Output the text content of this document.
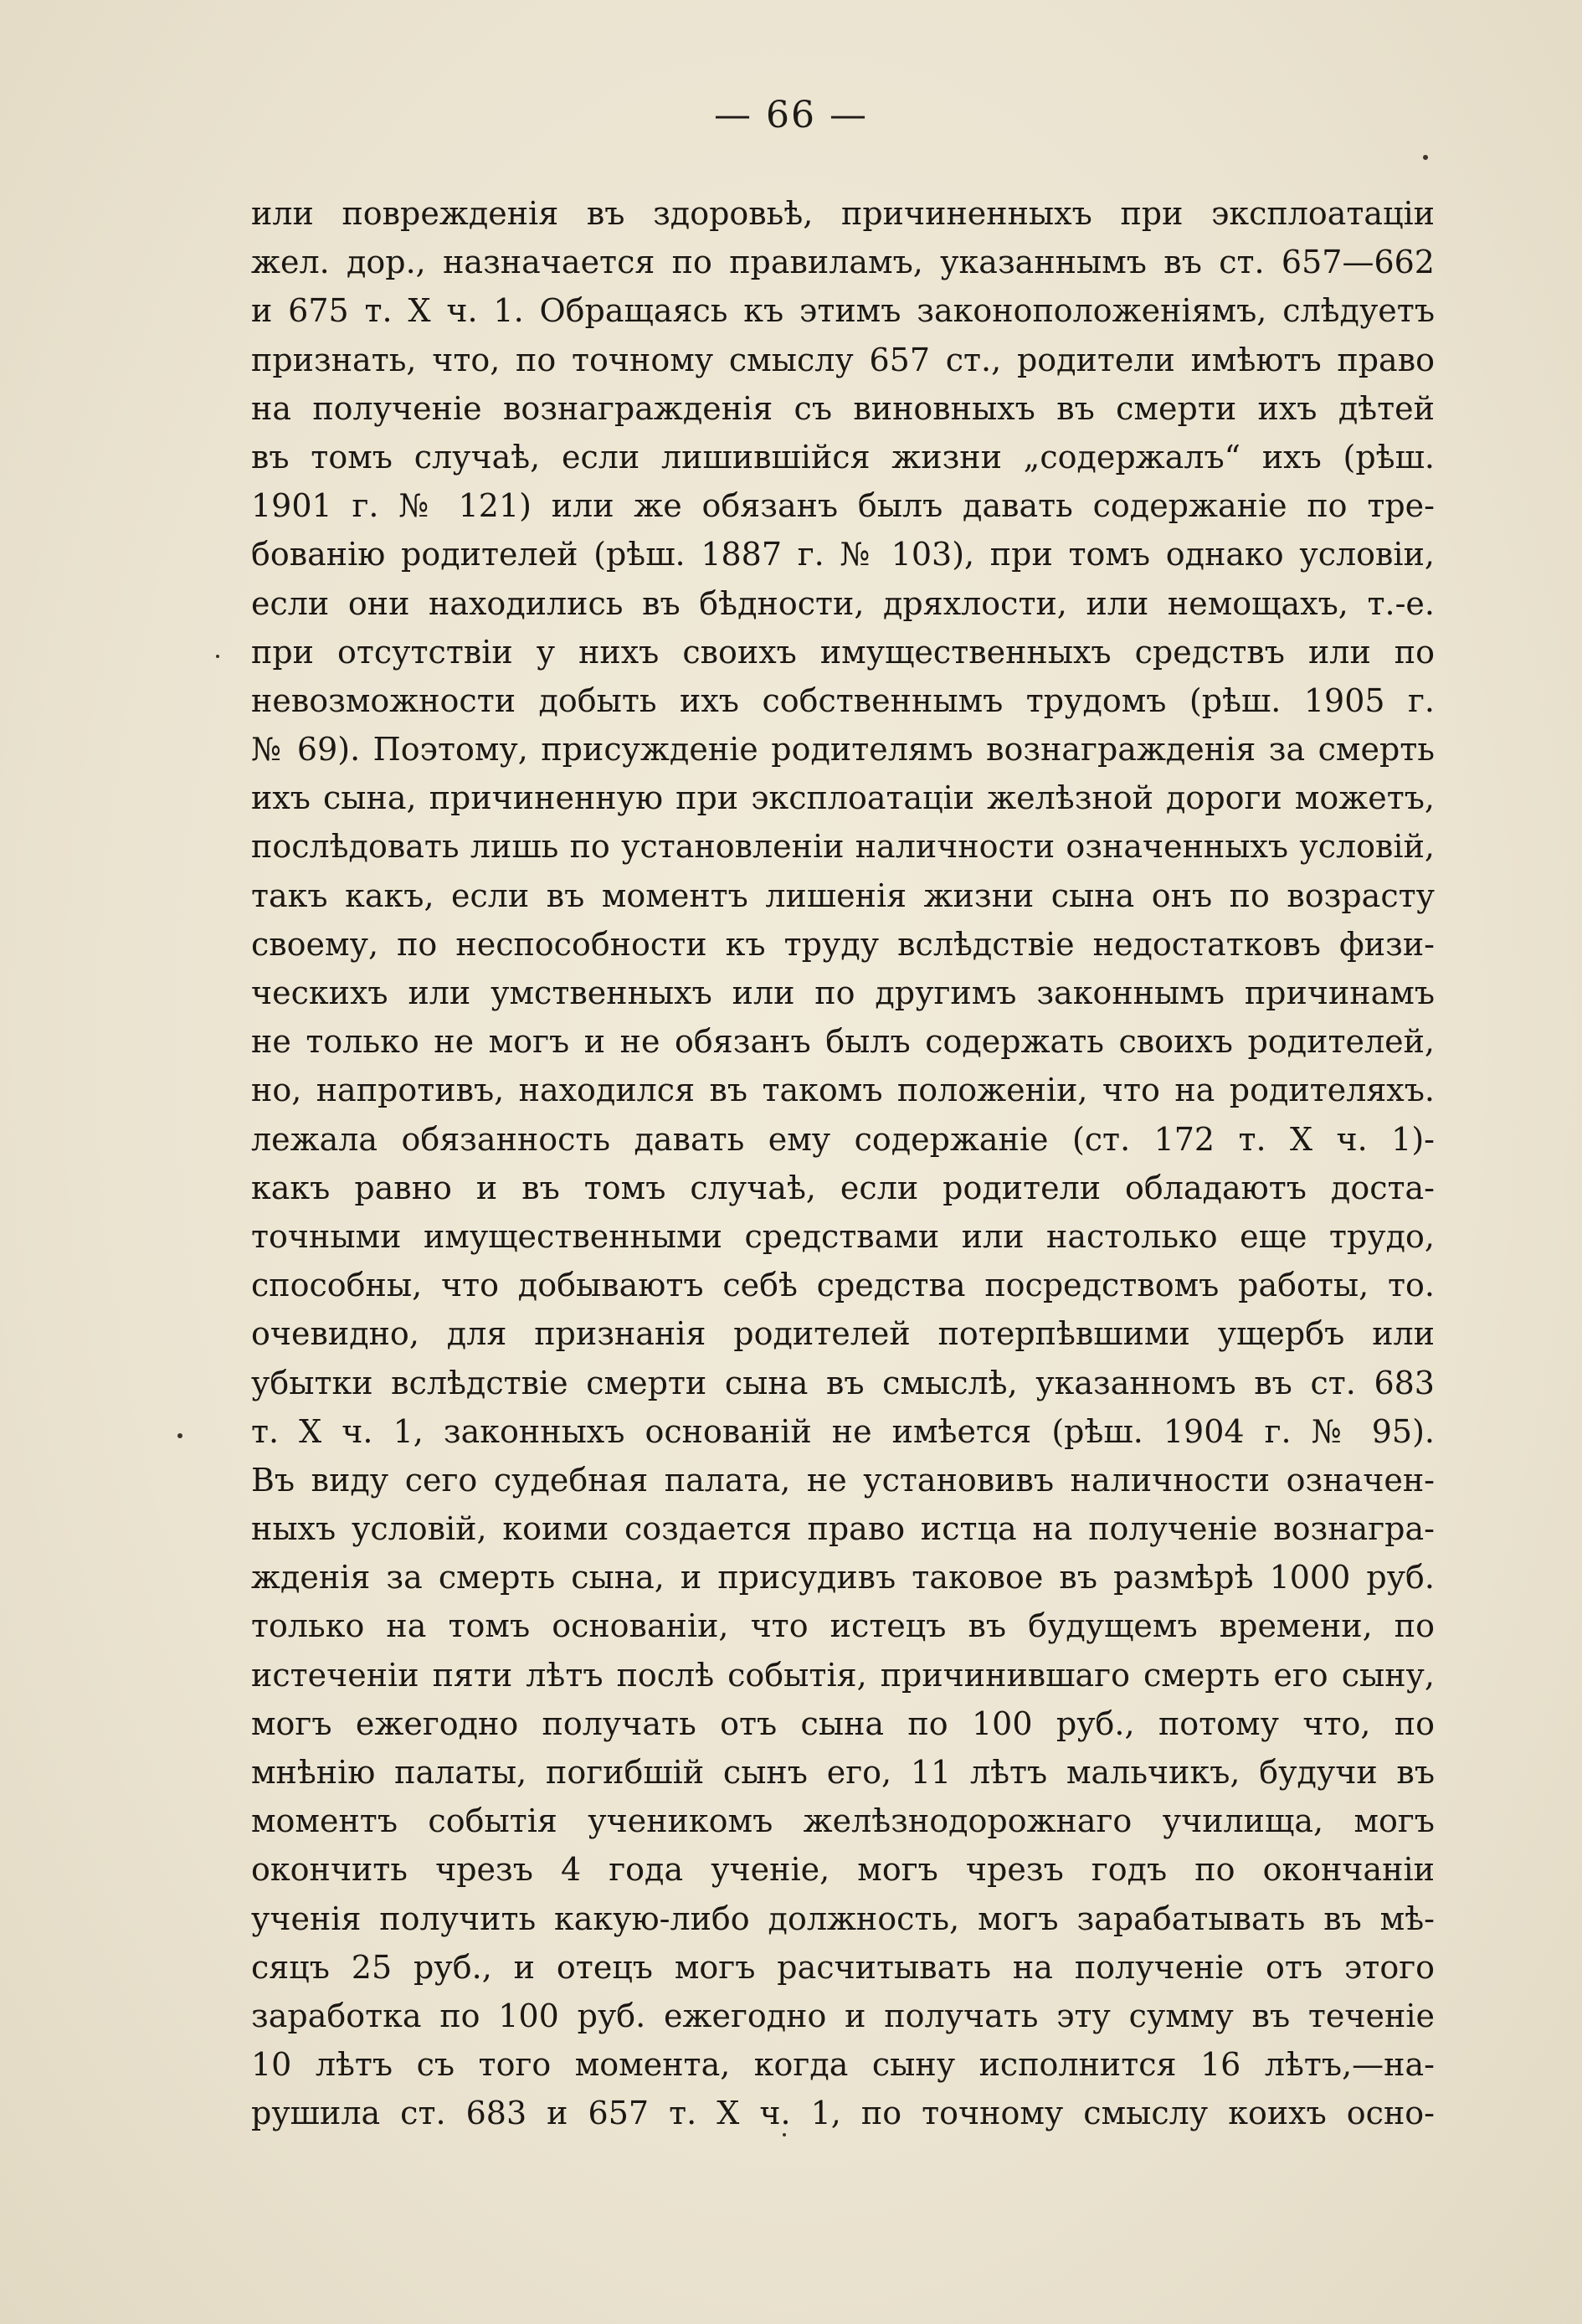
— 66 —
или поврежденія въ здоровьѣ, причиненныхъ при эксплоатаціи
жел. дор., назначается по правиламъ, указаннымъ въ ст. 657—662
и 675 т. X ч. 1. Обращаясь къ этимъ законоположеніямъ, слѣдуетъ
признать, что, по точному смыслу 657 ст., родители имѣютъ право
на полученіе вознагражденія съ виновныхъ въ смерти ихъ дѣтей
въ томъ случаѣ, если лишившійся жизни „содержалъ“ ихъ (рѣш.
1901 г. № 121) или же обязанъ былъ давать содержаніе по тре-
бованію родителей (рѣш. 1887 г. № 103), при томъ однако условіи,
если они находились въ бѣдности, дряхлости, или немощахъ, т.-е.
при отсутствіи у нихъ своихъ имущественныхъ средствъ или по
невозможности добыть ихъ собственнымъ трудомъ (рѣш. 1905 г.
№ 69). Поэтому, присужденіе родителямъ вознагражденія за смерть
ихъ сына, причиненную при эксплоатаціи желѣзной дороги можетъ,
послѣдовать лишь по установленіи наличности означенныхъ условій,
такъ какъ, если въ моментъ лишенія жизни сына онъ по возрасту
своему, по неспособности къ труду вслѣдствіе недостатковъ физи-
ческихъ или умственныхъ или по другимъ законнымъ причинамъ
не только не могъ и не обязанъ былъ содержать своихъ родителей,
но, напротивъ, находился въ такомъ положеніи, что на родителяхъ.
лежала обязанность давать ему содержаніе (ст. 172 т. X ч. 1)-
какъ равно и въ томъ случаѣ, если родители обладаютъ доста-
точными имущественными средствами или настолько еще трудо,
способны, что добываютъ себѣ средства посредствомъ работы, то.
очевидно, для признанія родителей потерпѣвшими ущербъ или
убытки вслѣдствіе смерти сына въ смыслѣ, указанномъ въ ст. 683
т. X ч. 1, законныхъ основаній не имѣется (рѣш. 1904 г. № 95).
Въ виду сего судебная палата, не установивъ наличности означен-
ныхъ условій, коими создается право истца на полученіе вознагра-
жденія за смерть сына, и присудивъ таковое въ размѣрѣ 1000 руб.
только на томъ основаніи, что истецъ въ будущемъ времени, по
истеченіи пяти лѣтъ послѣ событія, причинившаго смерть его сыну,
могъ ежегодно получать отъ сына по 100 руб., потому что, по
мнѣнію палаты, погибшій сынъ его, 11 лѣтъ мальчикъ, будучи въ
моментъ событія ученикомъ желѣзнодорожнаго училища, могъ
окончить чрезъ 4 года ученіе, могъ чрезъ годъ по окончаніи
ученія получить какую-либо должность, могъ зарабатывать въ мѣ-
сяцъ 25 руб., и отецъ могъ расчитывать на полученіе отъ этого
заработка по 100 руб. ежегодно и получать эту сумму въ теченіе
10 лѣтъ съ того момента, когда сыну исполнится 16 лѣтъ,—на-
рушила ст. 683 и 657 т. X ч. 1, по точному смыслу коихъ осно-
